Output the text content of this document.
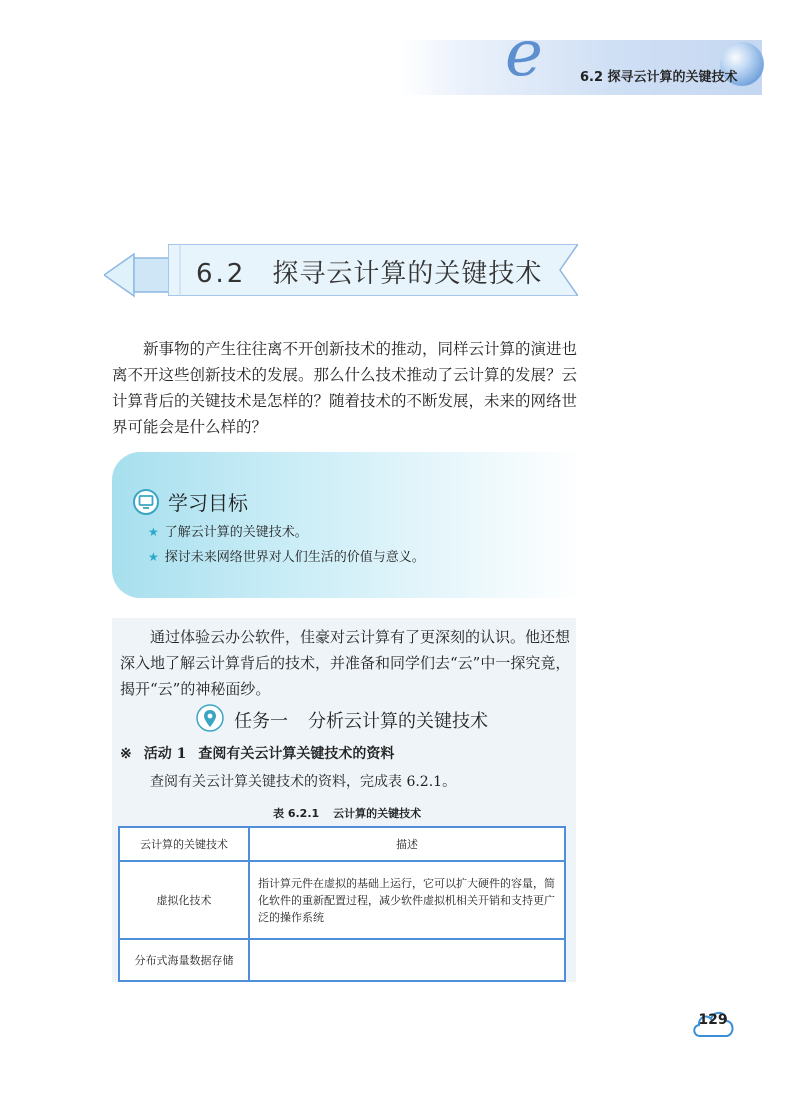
e	6.2 探寻云计算的关键技术
6.2 探寻云计算的关键技术

新事物的产生往往离不开创新技术的推动，同样云计算的演进也离不开这些创新技术的发展。那么什么技术推动了云计算的发展？云计算背后的关键技术是怎样的？随着技术的不断发展，未来的网络世界可能会是什么样的？

学习目标
★ 了解云计算的关键技术。
★ 探讨未来网络世界对人们生活的价值与意义。

通过体验云办公软件，佳豪对云计算有了更深刻的认识。他还想深入地了解云计算背后的技术，并准备和同学们去“云”中一探究竟，揭开“云”的神秘面纱。

任务一 分析云计算的关键技术
※ 活动 1 查阅有关云计算关键技术的资料
查阅有关云计算关键技术的资料，完成表 6.2.1。
表 6.2.1 云计算的关键技术
云计算的关键技术	描述
虚拟化技术	指计算元件在虚拟的基础上运行，它可以扩大硬件的容量，简化软件的重新配置过程，减少软件虚拟机相关开销和支持更广泛的操作系统
分布式海量数据存储	
129
